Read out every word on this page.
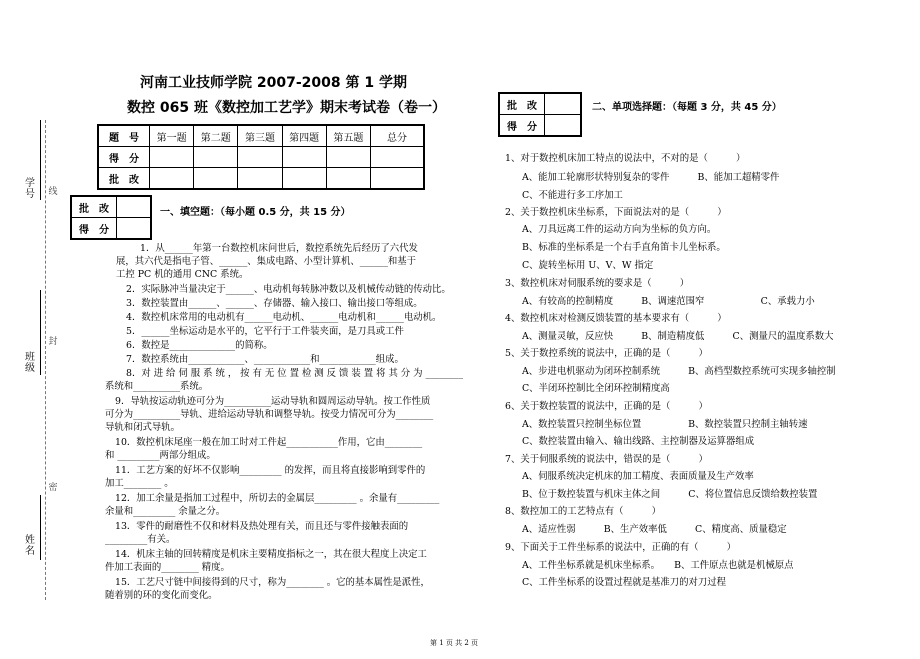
学号
班级
姓名
线
封
密
河南工业技师学院 2007-2008 第 1 学期
数控 065 班《数控加工艺学》期末考试卷（卷一）
题　号	第一题	第二题	第三题	第四题	第五题	总分
得　分						
批　改						
批　改	
得　分	
一、填空题：（每小题 0.5 分，共 15 分）
1．从______年第一台数控机床问世后，数控系统先后经历了六代发
展，其六代是指电子管、______、集成电路、小型计算机、______和基于
工控 PC 机的通用 CNC 系统。
2．实际脉冲当量决定于______、电动机每转脉冲数以及机械传动链的传动比。
3．数控装置由______、______、存储器、输入接口、输出接口等组成。
4．数控机床常用的电动机有______电动机、______电动机和______电动机。
5．______坐标运动是水平的，它平行于工件装夹面，是刀具或工件
6．数控是______________的简称。
7．数控系统由____________、____________和____________组成。
8．对 进 给 伺 服 系 统 ， 按 有 无 位 置 检 测 反 馈 装 置 将 其 分 为 ________
系统和__________系统。
9．导轨按运动轨迹可分为__________运动导轨和圆周运动导轨。按工作性质
可分为__________导轨、进给运动导轨和调整导轨。按受力情况可分为________
导轨和闭式导轨。
10．数控机床尾座一般在加工时对工件起___________作用，它由________
和 _________两部分组成。
11．工艺方案的好坏不仅影响_________ 的发挥，而且将直接影响到零件的
加工________ 。
12．加工余量是指加工过程中，所切去的金属层_________ 。余量有_________
余量和_________ 余量之分。
13．零件的耐磨性不仅和材料及热处理有关，而且还与零件接触表面的
_________有关。
14．机床主轴的回转精度是机床主要精度指标之一，其在很大程度上决定工
件加工表面的________ 精度。
15．工艺尺寸链中间接得到的尺寸，称为________ 。它的基本属性是派性，
随着别的环的变化而变化。
批　改	
得　分	
二、单项选择题：（每题 3 分，共 45 分）
1、对于数控机床加工特点的说法中，不对的是（　　　）
A、能加工轮廓形状特别复杂的零件　　　B、能加工超精零件
C、不能进行多工序加工
2、关于数控机床坐标系，下面说法对的是（　　　）
A、刀具远离工件的运动方向为坐标的负方向。
B、标准的坐标系是一个右手直角笛卡儿坐标系。
C、旋转坐标用 U、V、W 指定
3、数控机床对伺服系统的要求是（　　　）
A、有较高的控制精度　　　B、调速范围窄　　　　　　C、承载力小
4、数控机床对检测反馈装置的基本要求有（　　　）
A、测量灵敏，反应快　　　B、制造精度低　　　C、测量尺的温度系数大
5、关于数控系统的说法中，正确的是（　　　）
A、步进电机驱动为闭环控制系统　　　B、高档型数控系统可实现多轴控制
C、半闭环控制比全闭环控制精度高
6、关于数控装置的说法中，正确的是（　　　）
A、数控装置只控制坐标位置　　　　　B、数控装置只控制主轴转速
C、数控装置由输入、输出线路、主控制器及运算器组成
7、关于伺服系统的说法中，错误的是（　　　）
A、伺服系统决定机床的加工精度、表面质量及生产效率
B、位于数控装置与机床主体之间　　　C、将位置信息反馈给数控装置
8、数控加工的工艺特点有（　　　）
A、适应性弱　　　B、生产效率低　　　C、精度高、质量稳定
9、下面关于工件坐标系的说法中，正确的有（　　　）
A、工件坐标系就是机床坐标系。　　B、工件原点也就是机械原点
C、工件坐标系的设置过程就是基准刀的对刀过程
第 1 页 共 2 页
